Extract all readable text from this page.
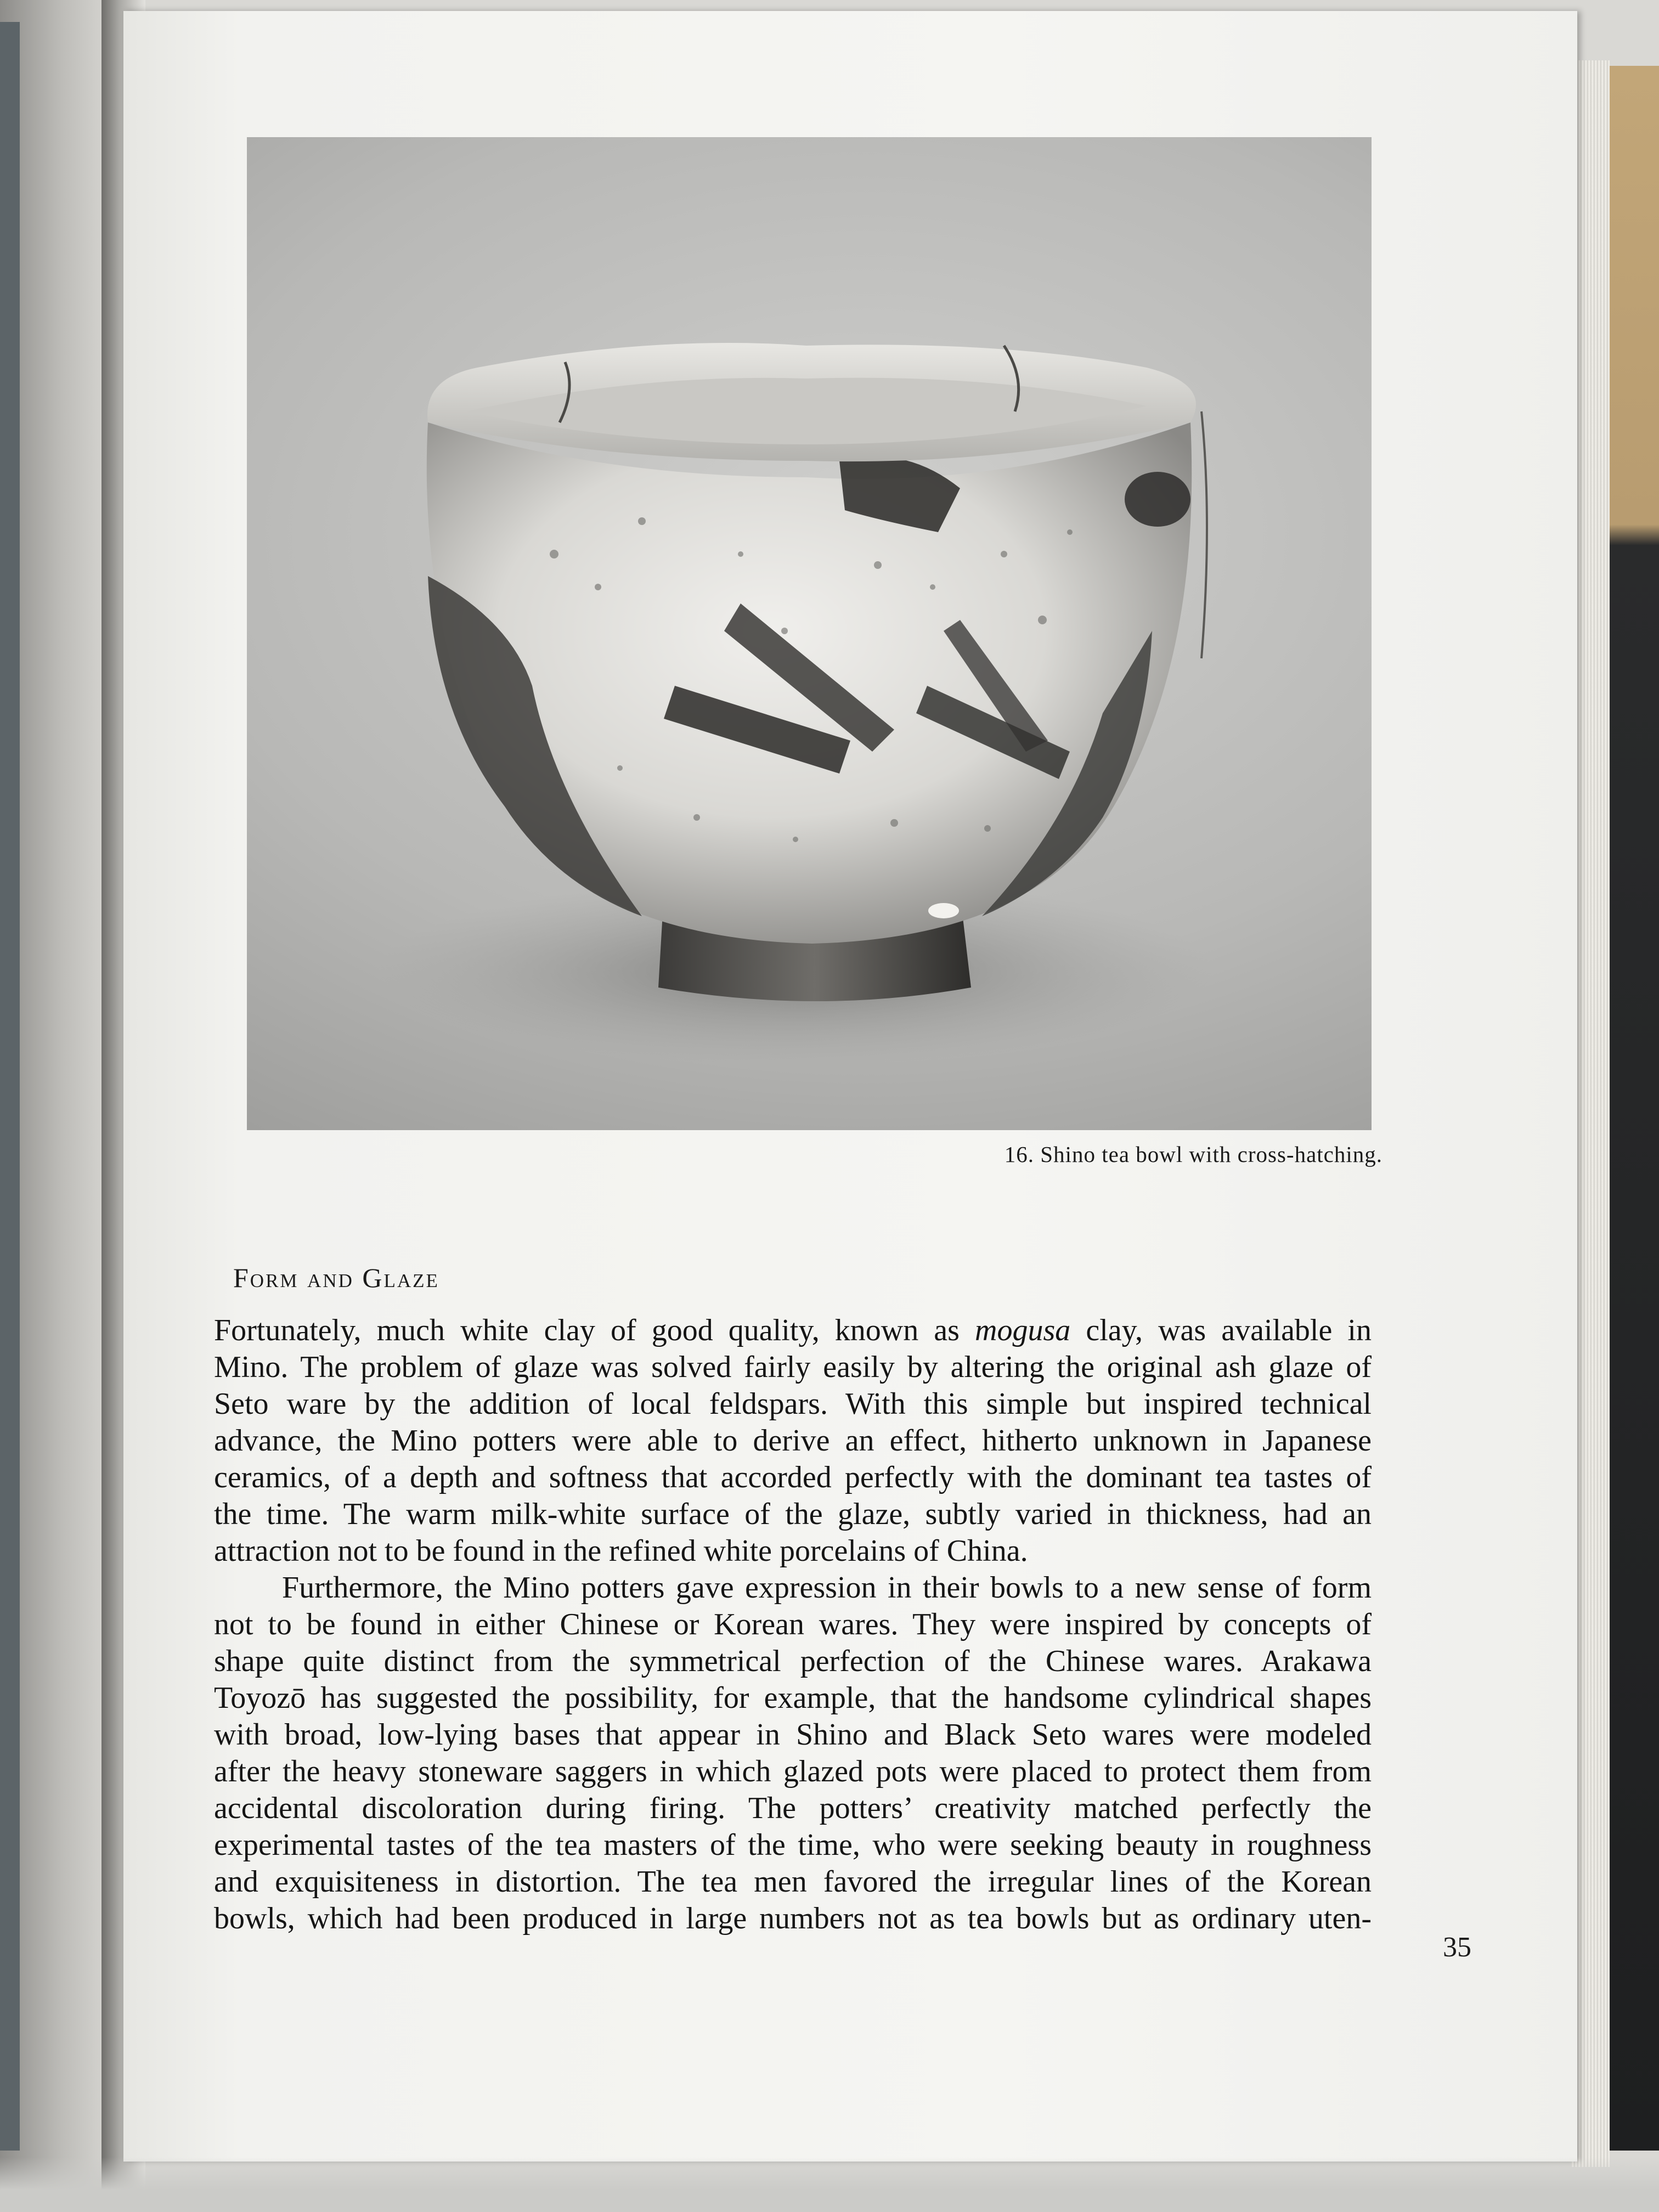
16. Shino tea bowl with cross-hatching.
Form and Glaze

Fortunately, much white clay of good quality, known as mogusa clay, was available in
Mino. The problem of glaze was solved fairly easily by altering the original ash glaze of
Seto ware by the addition of local feldspars. With this simple but inspired technical
advance, the Mino potters were able to derive an effect, hitherto unknown in Japanese
ceramics, of a depth and softness that accorded perfectly with the dominant tea tastes of
the time. The warm milk-white surface of the glaze, subtly varied in thickness, had an
attraction not to be found in the refined white porcelains of China.

Furthermore, the Mino potters gave expression in their bowls to a new sense of form
not to be found in either Chinese or Korean wares. They were inspired by concepts of
shape quite distinct from the symmetrical perfection of the Chinese wares. Arakawa
Toyozō has suggested the possibility, for example, that the handsome cylindrical shapes
with broad, low-lying bases that appear in Shino and Black Seto wares were modeled
after the heavy stoneware saggers in which glazed pots were placed to protect them from
accidental discoloration during firing. The potters’ creativity matched perfectly the
experimental tastes of the tea masters of the time, who were seeking beauty in roughness
and exquisiteness in distortion. The tea men favored the irregular lines of the Korean
bowls, which had been produced in large numbers not as tea bowls but as ordinary uten-

35
